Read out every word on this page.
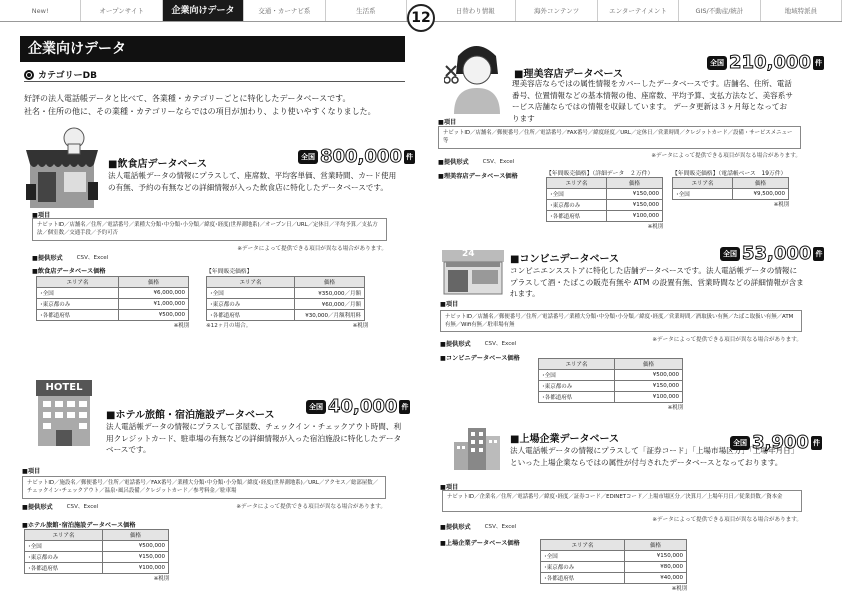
New!	オープンサイト	企業向けデータ	交通・カーナビ系	生活系	日替わり情報	海外コンテンツ	エンターテイメント	GIS/不動産/統計	地域特派員
12
企業向けデータ
カテゴリーDB
好評の法人電話帳データと比べて、各業種・カテゴリーごとに特化したデータベースです。
社名・住所の他に、その業種・カテゴリーならではの項目が加わり、より使いやすくなりました。
■飲食店データベース
全国 800,000 件
法人電話帳データの情報にプラスして、座席数、平均客単価、営業時間、カード使用の有無、予約の有無などの詳細情報が入った飲食店に特化したデータベースです。
■項目
ナビットID／店舗名／住所／電話番号／業種大分類･中分類･小分類／緯度･経度(世界測地系)／オープン日／URL／定休日／平均予算／支払方法／個室数／交通手段／予約可否
※データによって提供できる項目が異なる場合があります。
■提供形式	CSV、Excel
■飲食店データベース価格
エリア名	価格
･全国	¥6,000,000
･東京都のみ	¥1,000,000
･各都道府県	¥500,000
※税別
【年間販売価格】
エリア名	価格
･全国	¥350,000／月額
･東京都のみ	¥60,000／月額
･各都道府県	¥30,000／月額利用料
※12ヶ月の場合。	※税別
HOTEL
■ホテル旅館・宿泊施設データベース
全国 40,000 件
法人電話帳データの情報にプラスして部屋数、チェックイン・チェックアウト時間、利用クレジットカード、駐車場の有無などの詳細情報が入った宿泊施設に特化したデータベースです。
■項目
ナビットID／施設名／郵便番号／住所／電話番号／FAX番号／業種大分類･中分類･小分類／緯度･経度(世界測地系)／URL／アクセス／総部屋数／チェックイン･チェックアウト／温泉･風呂設備／クレジットカード／参考料金／駐車場
■提供形式	CSV、Excel	※データによって提供できる項目が異なる場合があります。
■ホテル旅館･宿泊施設データベース価格
エリア名	価格
･全国	¥500,000
･東京都のみ	¥150,000
･各都道府県	¥100,000
※税別
■理美容店データベース
全国 210,000 件
理美容店ならではの属性情報をカバーしたデータベースです。店舗名、住所、電話番号、位置情報などの基本情報の他、座席数、平均予算、支払方法など、美容系サービス店舗ならではの情報を収録しています。 データ更新は３ヶ月毎となっております
■項目
ナビットID／店舗名／郵便番号／住所／電話番号／FAX番号／緯度経度／URL／定休日／営業時間／クレジットカード／設備・サービスメニュー　等
※データによって提供できる項目が異なる場合があります。
■提供形式	CSV、Excel
■理美容店データベース価格	【年間販売価格】（詳細データ　２万件）
エリア名	価格
･全国	¥150,000
･東京都のみ	¥150,000
･各都道府県	¥100,000
※税別
【年間販売価格】（電話帳ベース　19万件）
エリア名	価格
･全国	¥9,500,000
※税別
24	■コンビニデータベース
全国 53,000 件
コンビニエンスストアに特化した店舗データベースです。法人電話帳データの情報にプラスして酒・たばこの販売有無や ATM の設置有無、営業時間などの詳細情報が含まれます。
■項目
ナビットID／店舗名／郵便番号／住所／電話番号／業種大分類･中分類･小分類／緯度･経度／営業時間／酒取扱い有無／たばこ取扱い有無／ATM有無／Wifi有無／駐車場有無
※データによって提供できる項目が異なる場合があります。
■提供形式	CSV、Excel
■コンビニデータベース価格
エリア名	価格
･全国	¥500,000
･東京都のみ	¥150,000
･各都道府県	¥100,000
※税別
■上場企業データベース	全国 3,900 件
法人電話帳データの情報にプラスして「証券コード」「上場市場区分」「上場年月日」といった上場企業ならではの属性が付与されたデータベースとなっております。
■項目
ナビットID／企業名／住所／電話番号／緯度･経度／証券コード／EDINETコード／上場市場区分／決算月／上場年月日／従業員数／資本金
※データによって提供できる項目が異なる場合があります。
■提供形式	CSV、Excel
■上場企業データベース価格	エリア名	価格
･全国	¥150,000
･東京都のみ	¥80,000
･各都道府県	¥40,000
※税別
